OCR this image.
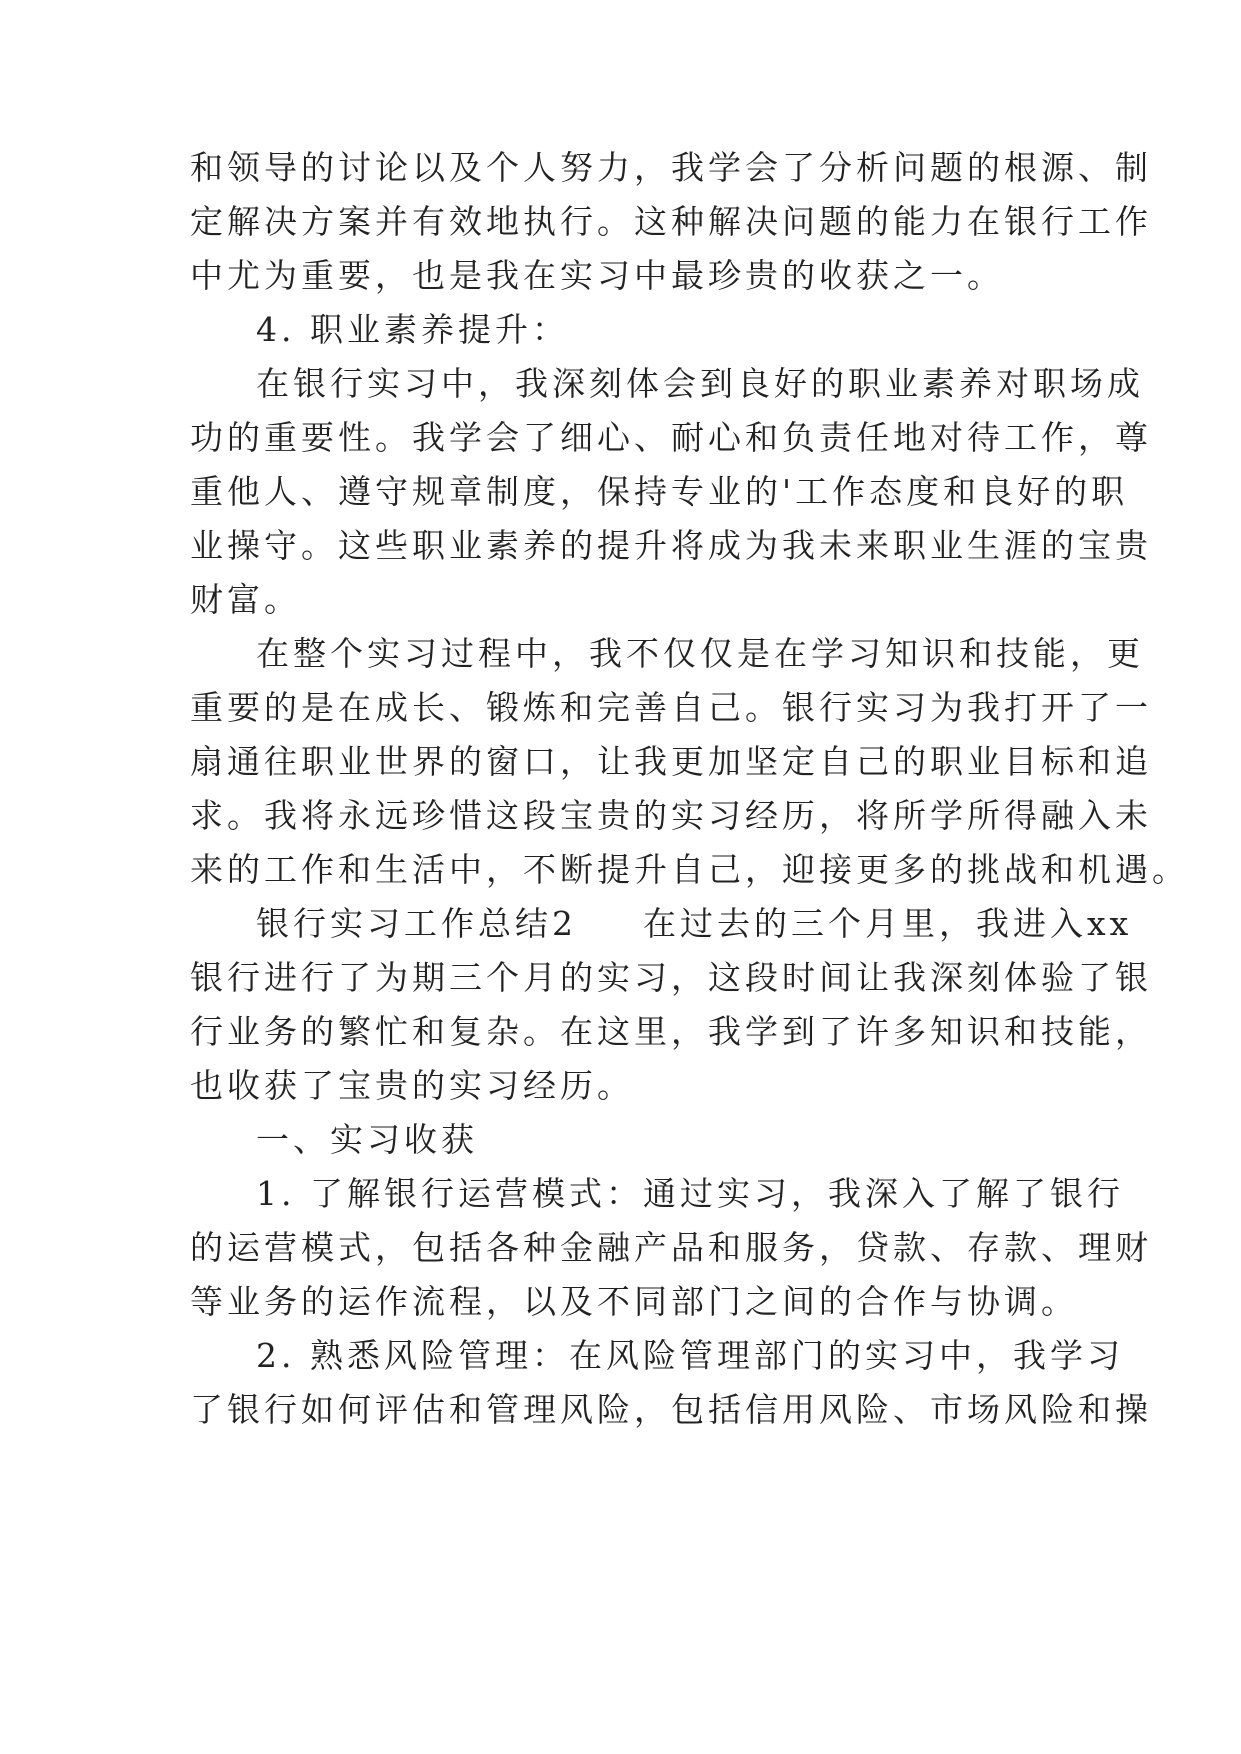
和领导的讨论以及个人努力，我学会了分析问题的根源、制
定解决方案并有效地执行。这种解决问题的能力在银行工作
中尤为重要，也是我在实习中最珍贵的收获之一。
4. 职业素养提升：
在银行实习中，我深刻体会到良好的职业素养对职场成
功的重要性。我学会了细心、耐心和负责任地对待工作，尊
重他人、遵守规章制度，保持专业的'工作态度和良好的职
业操守。这些职业素养的提升将成为我未来职业生涯的宝贵
财富。
在整个实习过程中，我不仅仅是在学习知识和技能，更
重要的是在成长、锻炼和完善自己。银行实习为我打开了一
扇通往职业世界的窗口，让我更加坚定自己的职业目标和追
求。我将永远珍惜这段宝贵的实习经历，将所学所得融入未
来的工作和生活中，不断提升自己，迎接更多的挑战和机遇。
银行实习工作总结2 在过去的三个月里，我进入xx
银行进行了为期三个月的实习，这段时间让我深刻体验了银
行业务的繁忙和复杂。在这里，我学到了许多知识和技能，
也收获了宝贵的实习经历。
一、实习收获
1. 了解银行运营模式：通过实习，我深入了解了银行
的运营模式，包括各种金融产品和服务，贷款、存款、理财
等业务的运作流程，以及不同部门之间的合作与协调。
2. 熟悉风险管理：在风险管理部门的实习中，我学习
了银行如何评估和管理风险，包括信用风险、市场风险和操
